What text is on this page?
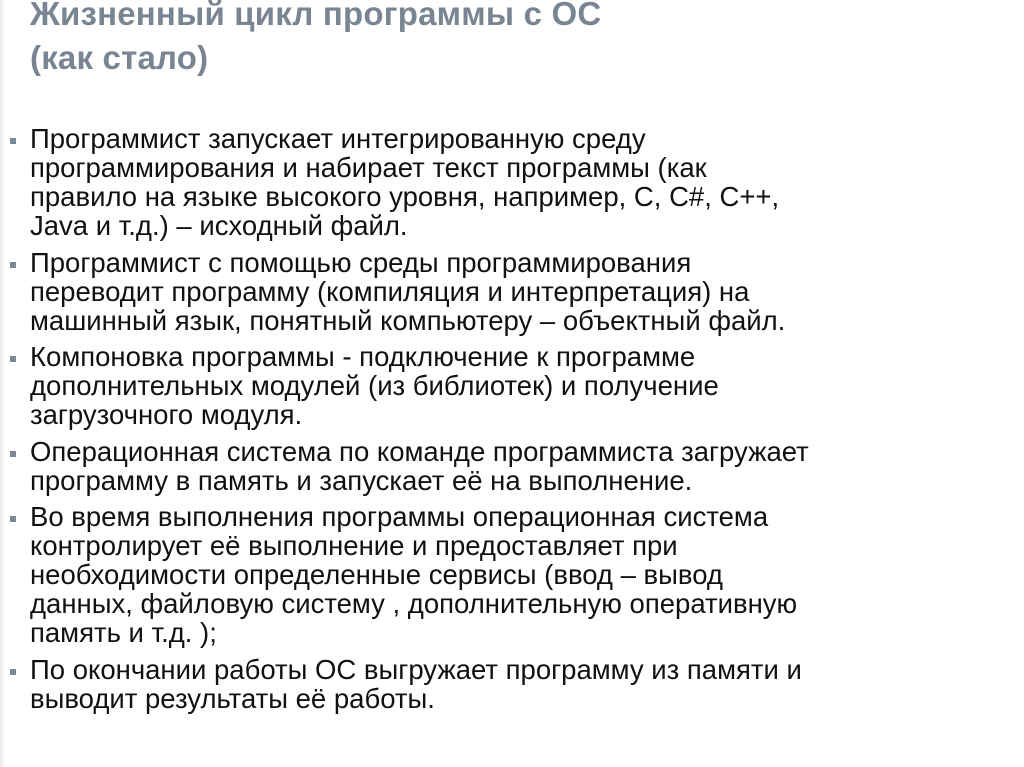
Жизненный цикл программы с ОС
(как стало)
Программист запускает интегрированную среду
программирования и набирает текст программы (как
правило на языке высокого уровня, например, C, C#, C++,
Java и т.д.) – исходный файл.
Программист с помощью среды программирования
переводит программу (компиляция и интерпретация) на
машинный язык, понятный компьютеру – объектный файл.
Компоновка программы - подключение к программе
дополнительных модулей (из библиотек) и получение
загрузочного модуля.
Операционная система по команде программиста загружает
программу в память и запускает её на выполнение.
Во время выполнения программы операционная система
контролирует её выполнение и предоставляет при
необходимости определенные сервисы (ввод – вывод
данных, файловую систему , дополнительную оперативную
память и т.д. );
По окончании работы ОС выгружает программу из памяти и
выводит результаты её работы.
